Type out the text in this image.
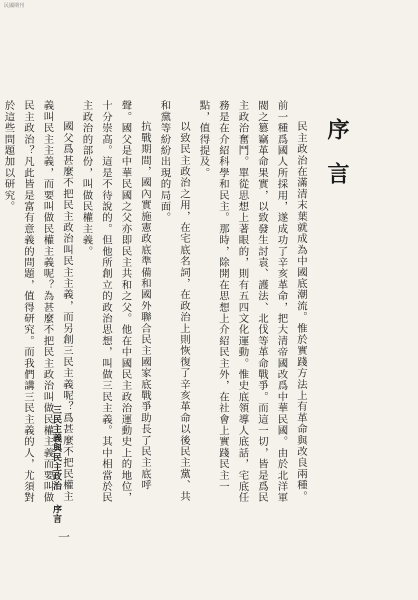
民國期刊
序言

民主政治在滿清末葉就成為中國底潮流。惟於實踐方法上有革命與改良兩種。前一種爲國人所採用，遂成功了辛亥革命，把大清帝國改爲中華民國。由於北洋軍閥之篡竊革命果實，以致發生討袁、護法、北伐等革命戰爭。而這一切，皆是爲民主政治奮鬥。單從思想上著眼的，則有五四文化運動。惟史底領導人底話，宅底任務是在介紹科學和民主。那時，除開在思想上介紹民主外，在社會上實踐民主一點，值得提及。

以致民主政治之用，在宅底名詞，在政治上則恢復了辛亥革命以後民主黨、共和黨等紛紛出現的局面。

抗戰期間，國內實施憲政底準備和國外聯合民主國家底戰爭助長了民主底呼聲。國父是中華民國之父亦即民主共和之父。他在中國民主政治運動史上的地位，十分崇高。這是不待說的。但他所創立的政治思想，叫做三民主義。其中相當於民主政治的部份，叫做民權主義。

國父爲甚麼不把民主政治叫民主主義，而另創三民主義呢？爲甚麼不把民權主義叫民主主義，而要叫做民權主義呢？為甚麼不把民主政治叫做民權主義而要叫做民主政治？凡此皆是富有意義的問題，值得研究。而我們講三民主義的人，尤須對於這些問題加以研究。

三民主義與民主政治序言
一
